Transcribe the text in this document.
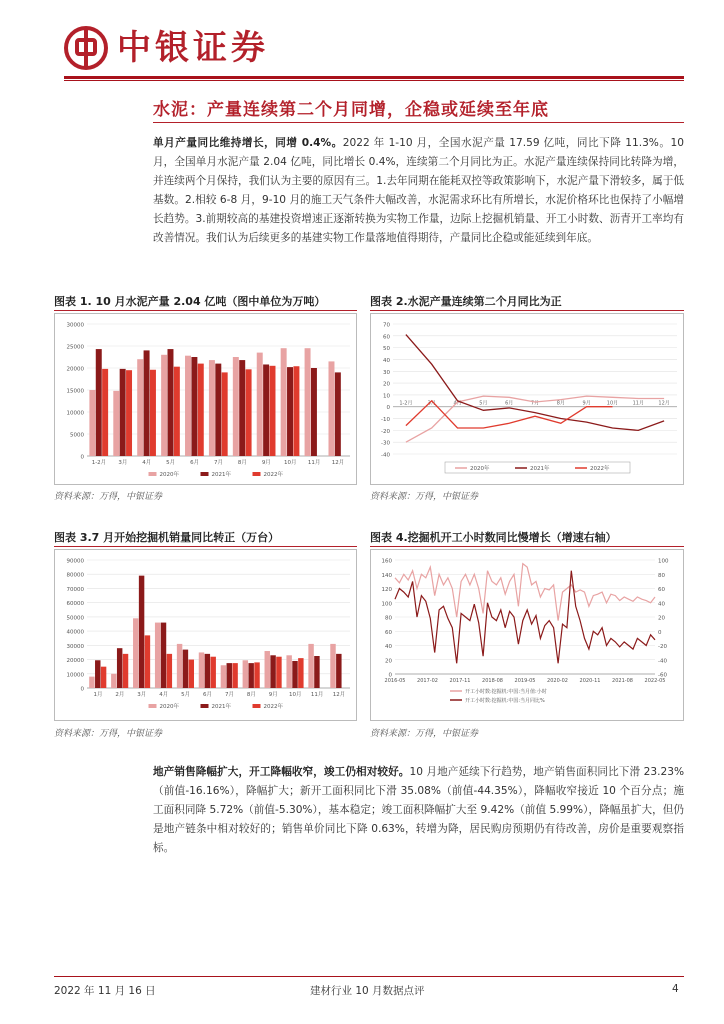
中银证券
水泥：产量连续第二个月同增，企稳或延续至年底
单月产量同比维持增长，同增 0.4%。2022 年 1-10 月，全国水泥产量 17.59 亿吨，同比下降 11.3%。10 月，全国单月水泥产量 2.04 亿吨，同比增长 0.4%，连续第二个月同比为正。水泥产量连续保持同比转降为增，并连续两个月保持，我们认为主要的原因有三。1.去年同期在能耗双控等政策影响下，水泥产量下滑较多，属于低基数。2.相较 6-8 月，9-10 月的施工天气条件大幅改善，水泥需求环比有所增长，水泥价格环比也保持了小幅增长趋势。3.前期较高的基建投资增速正逐渐转换为实物工作量，边际上挖掘机销量、开工小时数、沥青开工率均有改善情况。我们认为后续更多的基建实物工作量落地值得期待，产量同比企稳或能延续到年底。
图表 1. 10 月水泥产量 2.04 亿吨（图中单位为万吨）
0
5000
10000
15000
20000
25000
30000
1-2月 3月	4月	5月	6月	7月	8月	9月 10月 11月 12月
2020年	2021年	2022年
资料来源：万得，中银证券
图表 2.水泥产量连续第二个月同比为正
-40
-30
-20
-10
0
10
20
30
40
50
60
70
1-2月	3月	4月	5月	6月	7月	8月	9月	10月	11月	12月
2020年	2021年	2022年
资料来源：万得，中银证券
图表 3.7 月开始挖掘机销量同比转正（万台）
0
10000
20000
30000
40000
50000
60000
70000
80000
90000
1月 2月 3月 4月 5月 6月 7月 8月 9月 10月 11月 12月
2020年	2021年	2022年
资料来源：万得，中银证券
图表 4.挖掘机开工小时数同比慢增长（增速右轴）
0
20
40
60
80
100
120
140
160
-60
-40
-20
0
20
40
60
80
100
2016-05 2017-02 2017-11 2018-08 2019-05 2020-02 2020-11 2021-08 2022-05
开工小时数:挖掘机:中国:当月值:小时
开工小时数:挖掘机:中国:当月同比%
资料来源：万得，中银证券
地产销售降幅扩大，开工降幅收窄，竣工仍相对较好。10 月地产延续下行趋势，地产销售面积同比下滑 23.23%（前值-16.16%），降幅扩大；新开工面积同比下滑 35.08%（前值-44.35%），降幅收窄接近 10 个百分点；施工面积同降 5.72%（前值-5.30%），基本稳定；竣工面积降幅扩大至 9.42%（前值 5.99%），降幅虽扩大，但仍是地产链条中相对较好的；销售单价同比下降 0.63%，转增为降，居民购房预期仍有待改善，房价是重要观察指标。
2022 年 11 月 16 日	建材行业 10 月数据点评	4
